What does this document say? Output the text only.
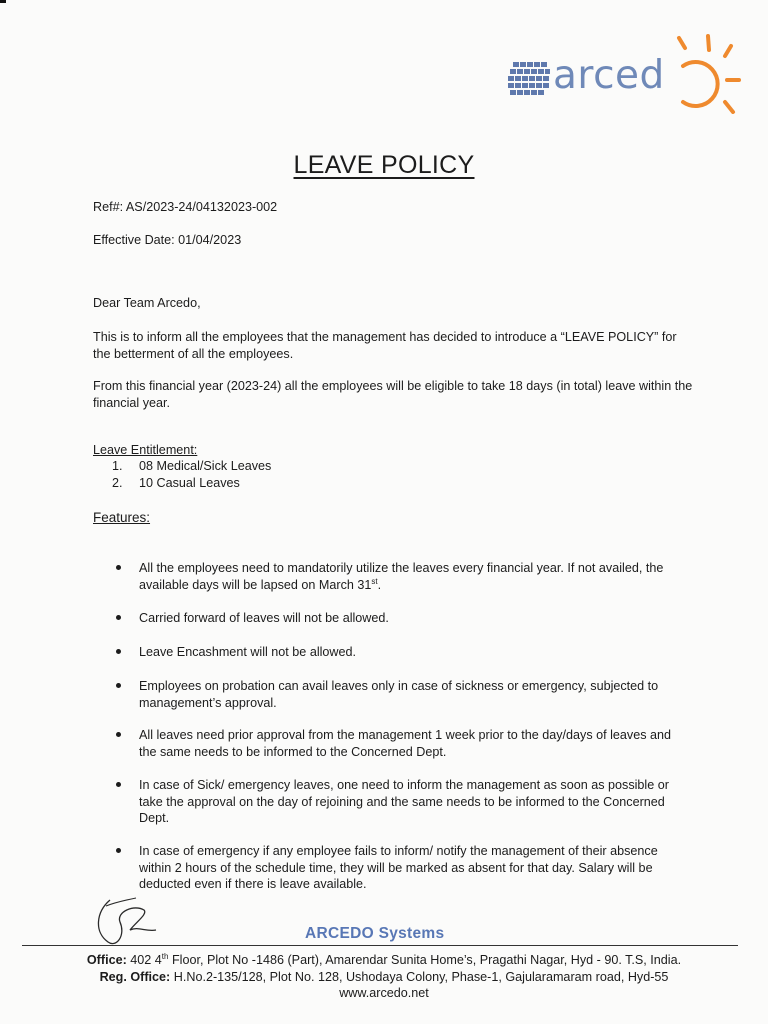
arced
LEAVE POLICY
Ref#: AS/2023-24/04132023-002
Effective Date: 01/04/2023
Dear Team Arcedo,
This is to inform all the employees that the management has decided to introduce a “LEAVE POLICY” for the betterment of all the employees.
From this financial year (2023-24) all the employees will be eligible to take 18 days (in total) leave within the financial year.
Leave Entitlement:
1. 08 Medical/Sick Leaves
2. 10 Casual Leaves
Features:
All the employees need to mandatorily utilize the leaves every financial year. If not availed, the available days will be lapsed on March 31st.
Carried forward of leaves will not be allowed.
Leave Encashment will not be allowed.
Employees on probation can avail leaves only in case of sickness or emergency, subjected to management’s approval.
All leaves need prior approval from the management 1 week prior to the day/days of leaves and the same needs to be informed to the Concerned Dept.
In case of Sick/ emergency leaves, one need to inform the management as soon as possible or take the approval on the day of rejoining and the same needs to be informed to the Concerned Dept.
In case of emergency if any employee fails to inform/ notify the management of their absence within 2 hours of the schedule time, they will be marked as absent for that day. Salary will be deducted even if there is leave available.
ARCEDO Systems
Office: 402 4th Floor, Plot No -1486 (Part), Amarendar Sunita Home’s, Pragathi Nagar, Hyd - 90. T.S, India.
Reg. Office: H.No.2-135/128, Plot No. 128, Ushodaya Colony, Phase-1, Gajularamaram road, Hyd-55
www.arcedo.net
